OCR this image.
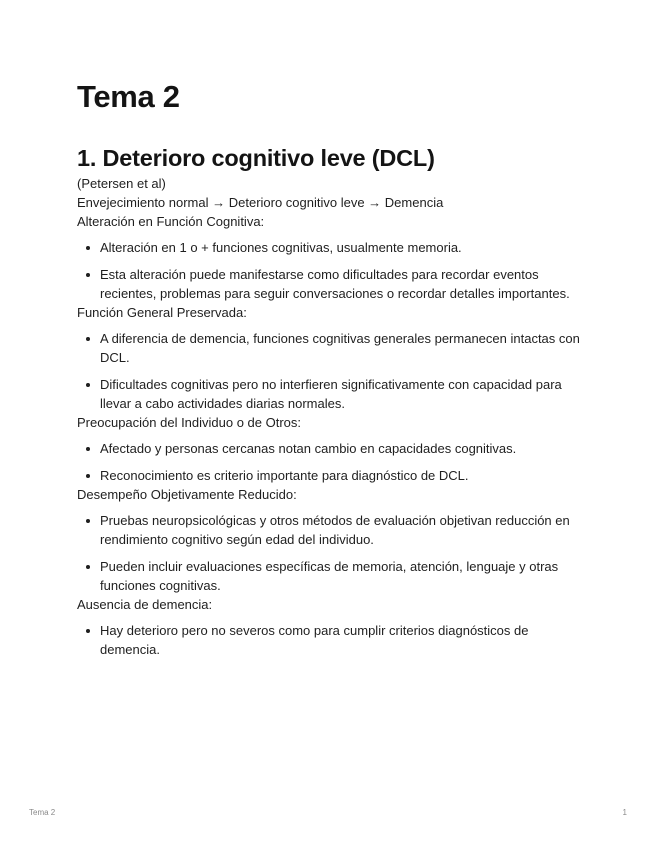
Tema 2
1. Deterioro cognitivo leve (DCL)

(Petersen et al)

Envejecimiento normal → Deterioro cognitivo leve → Demencia

Alteración en Función Cognitiva:

Alteración en 1 o + funciones cognitivas, usualmente memoria.
Esta alteración puede manifestarse como dificultades para recordar eventos recientes, problemas para seguir conversaciones o recordar detalles importantes.

Función General Preservada:

A diferencia de demencia, funciones cognitivas generales permanecen intactas con DCL.
Dificultades cognitivas pero no interfieren significativamente con capacidad para llevar a cabo actividades diarias normales.

Preocupación del Individuo o de Otros:

Afectado y personas cercanas notan cambio en capacidades cognitivas.
Reconocimiento es criterio importante para diagnóstico de DCL.

Desempeño Objetivamente Reducido:

Pruebas neuropsicológicas y otros métodos de evaluación objetivan reducción en rendimiento cognitivo según edad del individuo.
Pueden incluir evaluaciones específicas de memoria, atención, lenguaje y otras funciones cognitivas.

Ausencia de demencia:

Hay deterioro pero no severos como para cumplir criterios diagnósticos de demencia.
Tema 2	1
